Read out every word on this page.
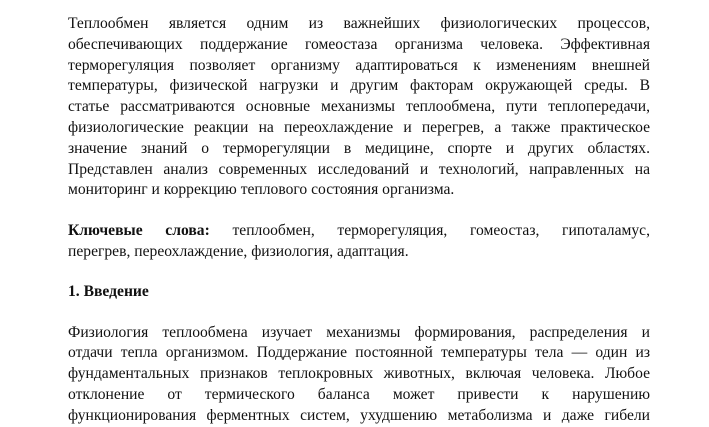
Теплообмен является одним из важнейших физиологических процессов,
обеспечивающих поддержание гомеостаза организма человека. Эффективная
терморегуляция позволяет организму адаптироваться к изменениям внешней
температуры, физической нагрузки и другим факторам окружающей среды. В
статье рассматриваются основные механизмы теплообмена, пути теплопередачи,
физиологические реакции на переохлаждение и перегрев, а также практическое
значение знаний о терморегуляции в медицине, спорте и других областях.
Представлен анализ современных исследований и технологий, направленных на
мониторинг и коррекцию теплового состояния организма.
Ключевые слова: теплообмен, терморегуляция, гомеостаз, гипоталамус,
перегрев, переохлаждение, физиология, адаптация.
1. Введение
Физиология теплообмена изучает механизмы формирования, распределения и
отдачи тепла организмом. Поддержание постоянной температуры тела — один из
фундаментальных признаков теплокровных животных, включая человека. Любое
отклонение от термического баланса может привести к нарушению
функционирования ферментных систем, ухудшению метаболизма и даже гибели
